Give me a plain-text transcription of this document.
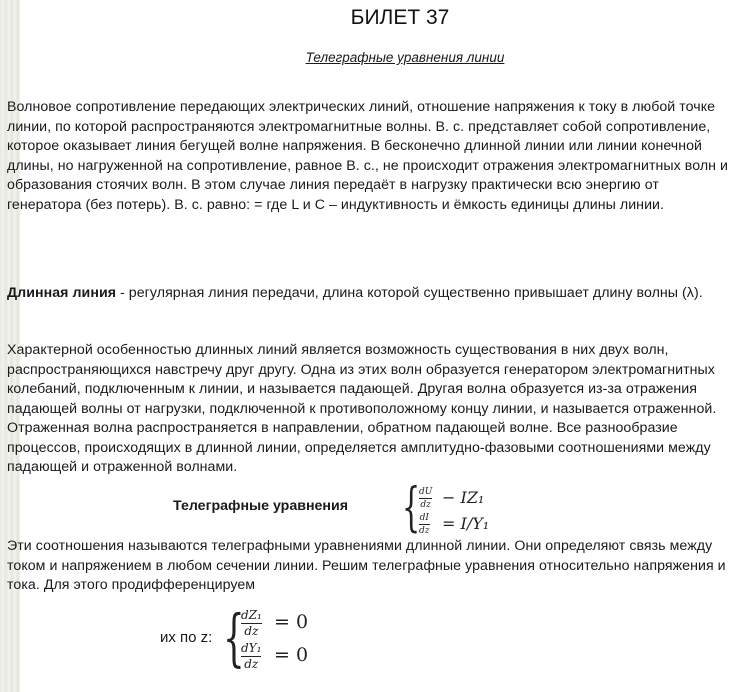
БИЛЕТ 37
Телеграфные уравнения линии
Волновое сопротивление передающих электрических линий, отношение напряжения к току в любой точке линии, по которой распространяются электромагнитные волны. В. с. представляет собой сопротивление, которое оказывает линия бегущей волне напряжения. В бесконечно длинной линии или линии конечной длины, но нагруженной на сопротивление, равное В. с., не происходит отражения электромагнитных волн и образования стоячих волн. В этом случае линия передаёт в нагрузку практически всю энергию от генератора (без потерь). В. с. равно: = где L и C ‒ индуктивность и ёмкость единицы длины линии.
Длинная линия - регулярная линия передачи, длина которой существенно привышает длину волны (λ).
Характерной особенностью длинных линий является возможность существования в них двух волн, распространяющихся навстречу друг другу. Одна из этих волн образуется генератором электромагнитных колебаний, подключенным к линии, и называется падающей. Другая волна образуется из-за отражения падающей волны от нагрузки, подключенной к противоположному концу линии, и называется отраженной. Отраженная волна распространяется в направлении, обратном падающей волне. Все разнообразие процессов, происходящих в длинной линии, определяется амплитудно-фазовыми соотношениями между падающей и отраженной волнами.
Телеграфные уравнения {
dU
dz − IZ₁
dI
dz = I/Y₁
Эти соотношения называются телеграфными уравнениями длинной линии. Они определяют связь между током и напряжением в любом сечении линии. Решим телеграфные уравнения относительно напряжения и тока. Для этого продифференцируем
их по z: {
dZ₁
dz = 0
dY₁
dz = 0
